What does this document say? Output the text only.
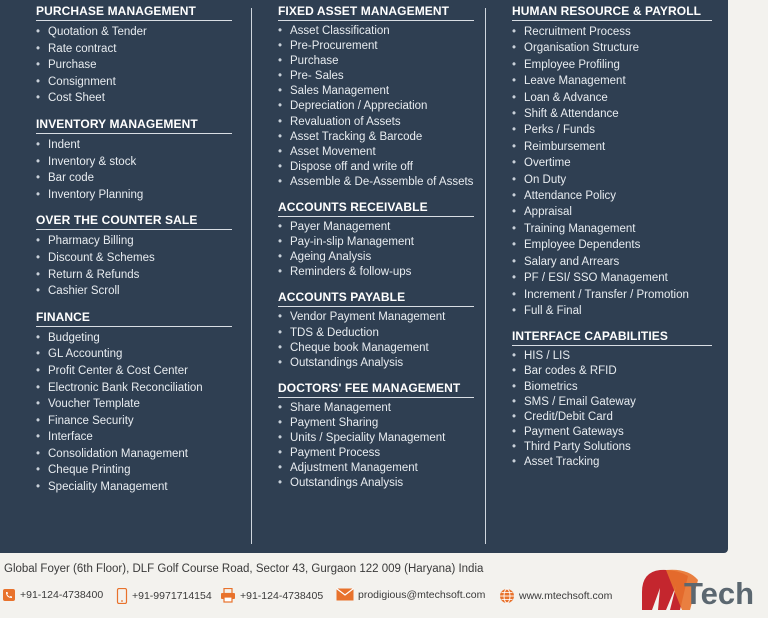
PURCHASE MANAGEMENT
• Quotation & Tender
• Rate contract
• Purchase
• Consignment
• Cost Sheet
INVENTORY MANAGEMENT
• Indent
• Inventory & stock
• Bar code
• Inventory Planning
OVER THE COUNTER SALE
• Pharmacy Billing
• Discount & Schemes
• Return & Refunds
• Cashier Scroll
FINANCE
• Budgeting
• GL Accounting
• Profit Center & Cost Center
• Electronic Bank Reconciliation
• Voucher Template
• Finance Security
• Interface
• Consolidation Management
• Cheque Printing
• Speciality Management
FIXED ASSET MANAGEMENT
• Asset Classification
• Pre-Procurement
• Purchase
• Pre- Sales
• Sales Management
• Depreciation / Appreciation
• Revaluation of Assets
• Asset Tracking & Barcode
• Asset Movement
• Dispose off and write off
• Assemble & De-Assemble of Assets
ACCOUNTS RECEIVABLE
• Payer Management
• Pay-in-slip Management
• Ageing Analysis
• Reminders & follow-ups
ACCOUNTS PAYABLE
• Vendor Payment Management
• TDS & Deduction
• Cheque book Management
• Outstandings Analysis
DOCTORS' FEE MANAGEMENT
• Share Management
• Payment Sharing
• Units / Speciality Management
• Payment Process
• Adjustment Management
• Outstandings Analysis
HUMAN RESOURCE & PAYROLL
• Recruitment Process
• Organisation Structure
• Employee Profiling
• Leave Management
• Loan & Advance
• Shift & Attendance
• Perks / Funds
• Reimbursement
• Overtime
• On Duty
• Attendance Policy
• Appraisal
• Training Management
• Employee Dependents
• Salary and Arrears
• PF / ESI/ SSO Management
• Increment / Transfer / Promotion
• Full & Final
INTERFACE CAPABILITIES
• HIS / LIS
• Bar codes & RFID
• Biometrics
• SMS / Email Gateway
• Credit/Debit Card
• Payment Gateways
• Third Party Solutions
• Asset Tracking
Global Foyer (6th Floor), DLF Golf Course Road, Sector 43, Gurgaon 122 009 (Haryana) India
+91-124-4738400	+91-9971714154	+91-124-4738405	prodigious@mtechsoft.com	www.mtechsoft.com Tech
